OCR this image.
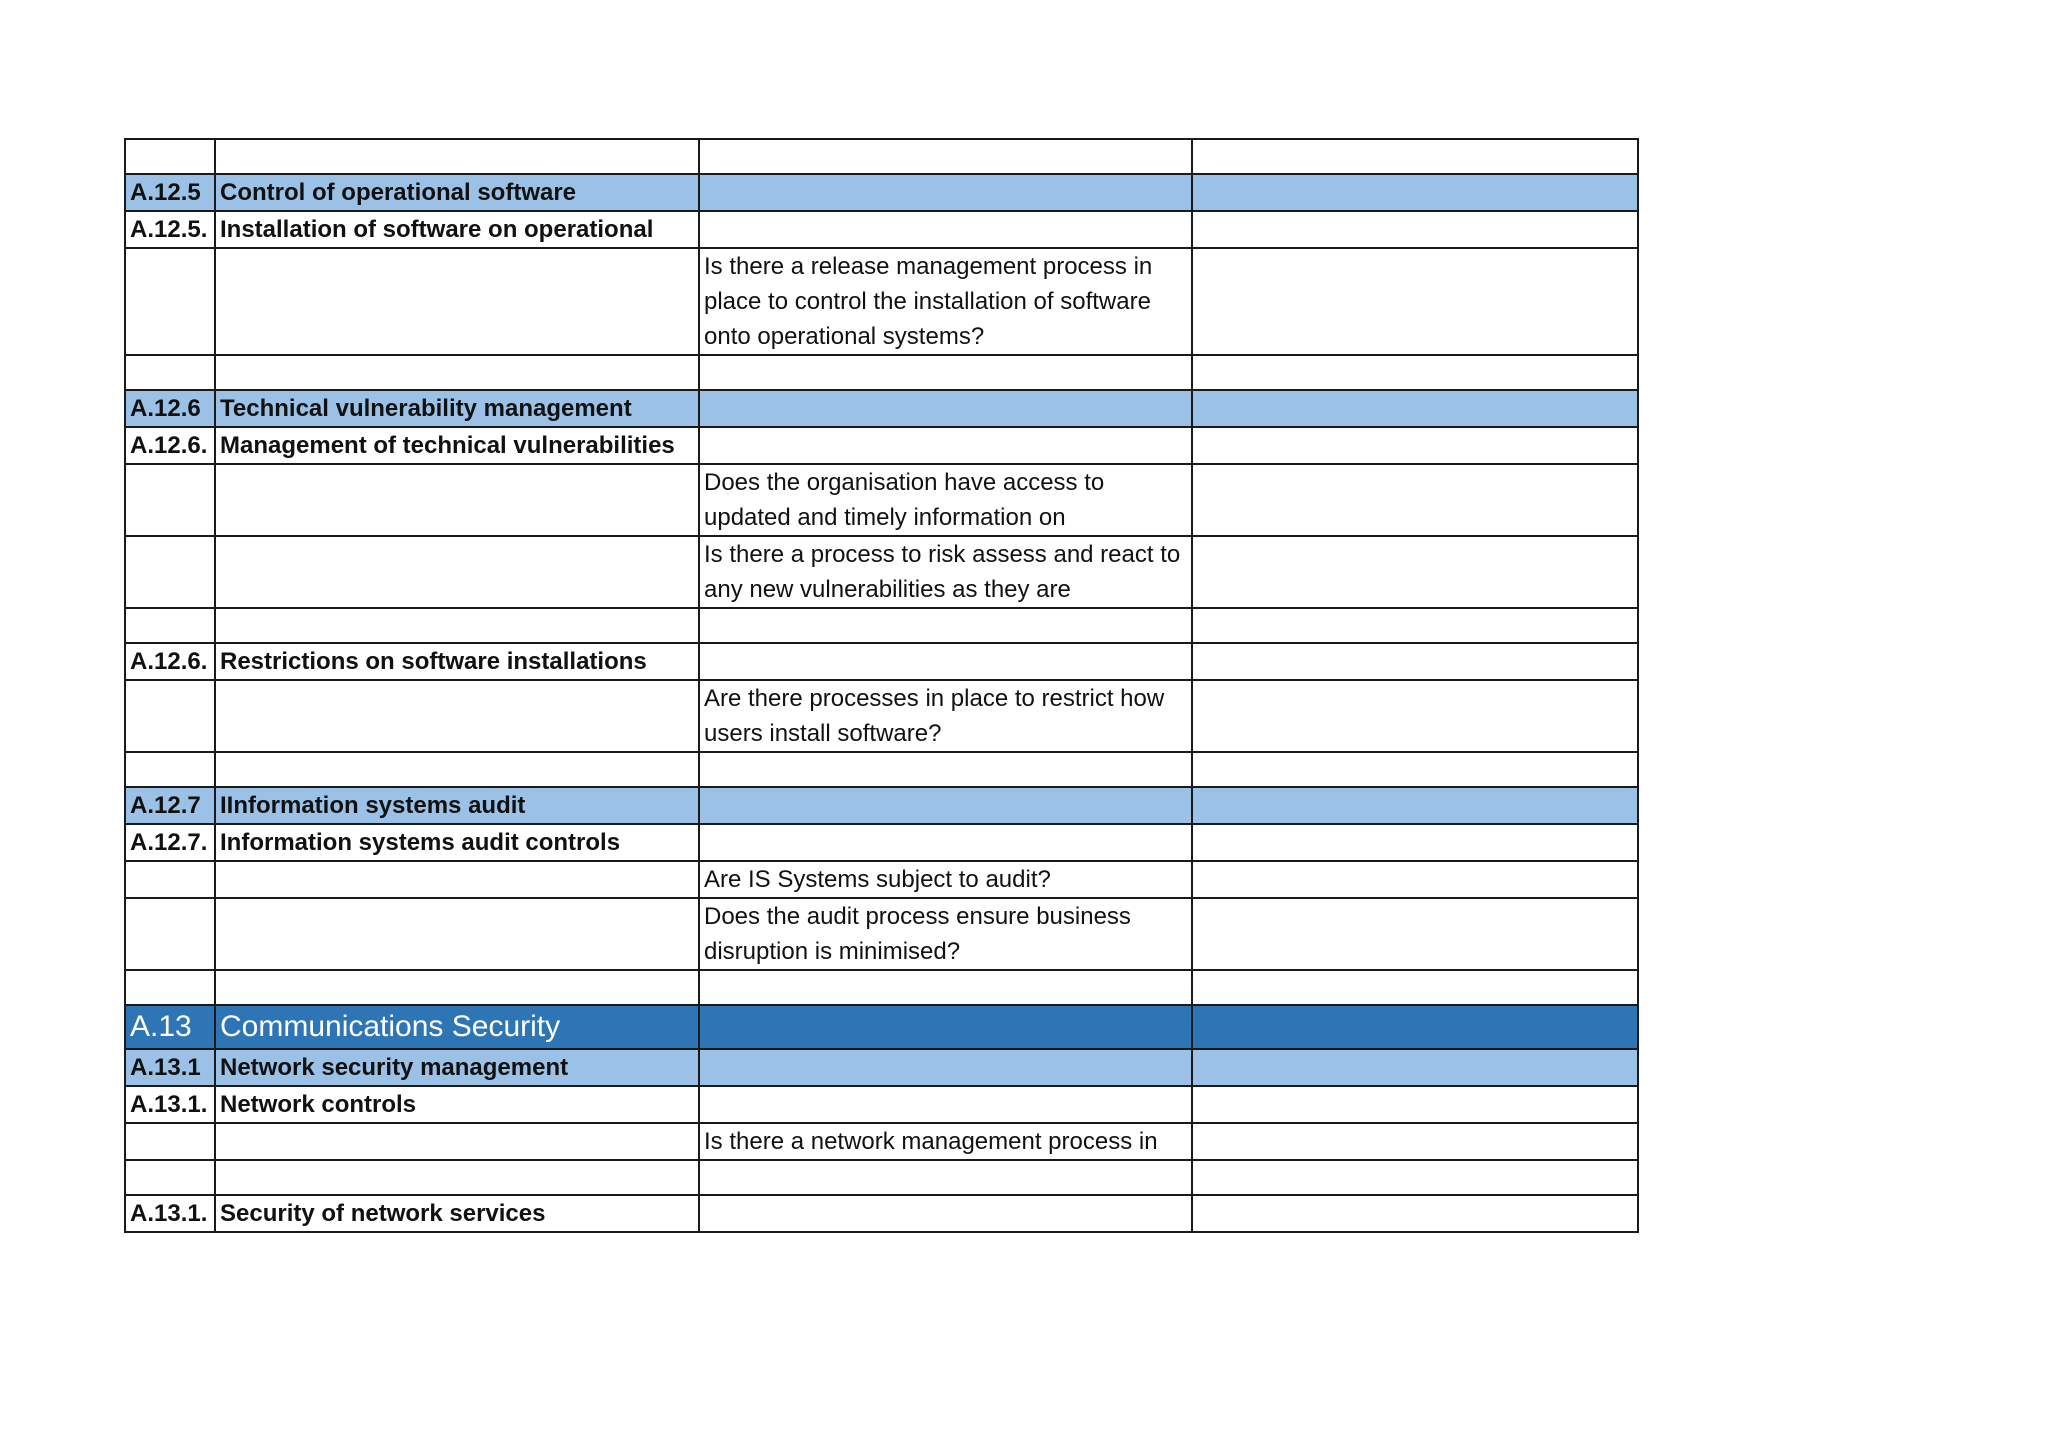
A.12.5	Control of operational software		
A.12.5.	Installation of software on operational		
		Is there a release management process in place to control the installation of software onto operational systems?	

A.12.6	Technical vulnerability management		
A.12.6.	Management of technical vulnerabilities		
		Does the organisation have access to updated and timely information on	
		Is there a process to risk assess and react to any new vulnerabilities as they are	

A.12.6.	Restrictions on software installations		
		Are there processes in place to restrict how users install software?	

A.12.7	IInformation systems audit		
A.12.7.	Information systems audit controls		
		Are IS Systems subject to audit?	
		Does the audit process ensure business disruption is minimised?	

A.13	Communications Security		
A.13.1	Network security management		
A.13.1.	Network controls		
		Is there a network management process in	

A.13.1.	Security of network services		
